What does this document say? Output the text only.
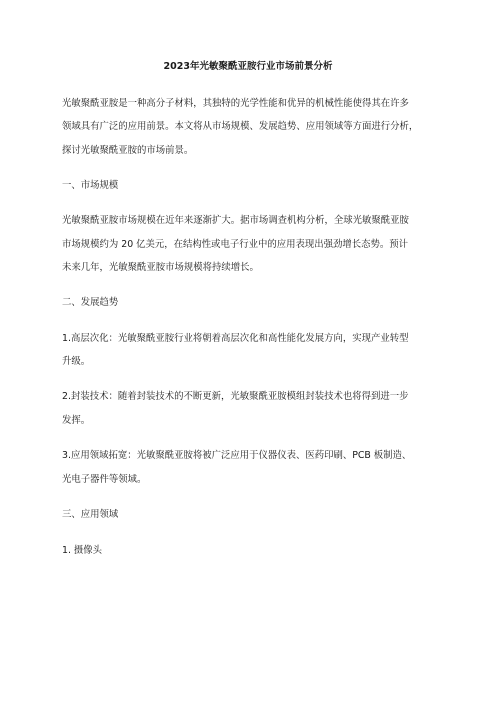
2023年光敏聚酰亚胺行业市场前景分析
光敏聚酰亚胺是一种高分子材料，其独特的光学性能和优异的机械性能使得其在许多
领域具有广泛的应用前景。本文将从市场规模、发展趋势、应用领域等方面进行分析，
探讨光敏聚酰亚胺的市场前景。
一、市场规模
光敏聚酰亚胺市场规模在近年来逐渐扩大。据市场调查机构分析，全球光敏聚酰亚胺
市场规模约为 20 亿美元，在结构性或电子行业中的应用表现出强劲增长态势。预计
未来几年，光敏聚酰亚胺市场规模将持续增长。
二、发展趋势
1.高层次化：光敏聚酰亚胺行业将朝着高层次化和高性能化发展方向，实现产业转型
升级。
2.封装技术：随着封装技术的不断更新，光敏聚酰亚胺模组封装技术也将得到进一步
发挥。
3.应用领域拓宽：光敏聚酰亚胺将被广泛应用于仪器仪表、医药印刷、PCB 板制造、
光电子器件等领域。
三、应用领域
1. 摄像头
